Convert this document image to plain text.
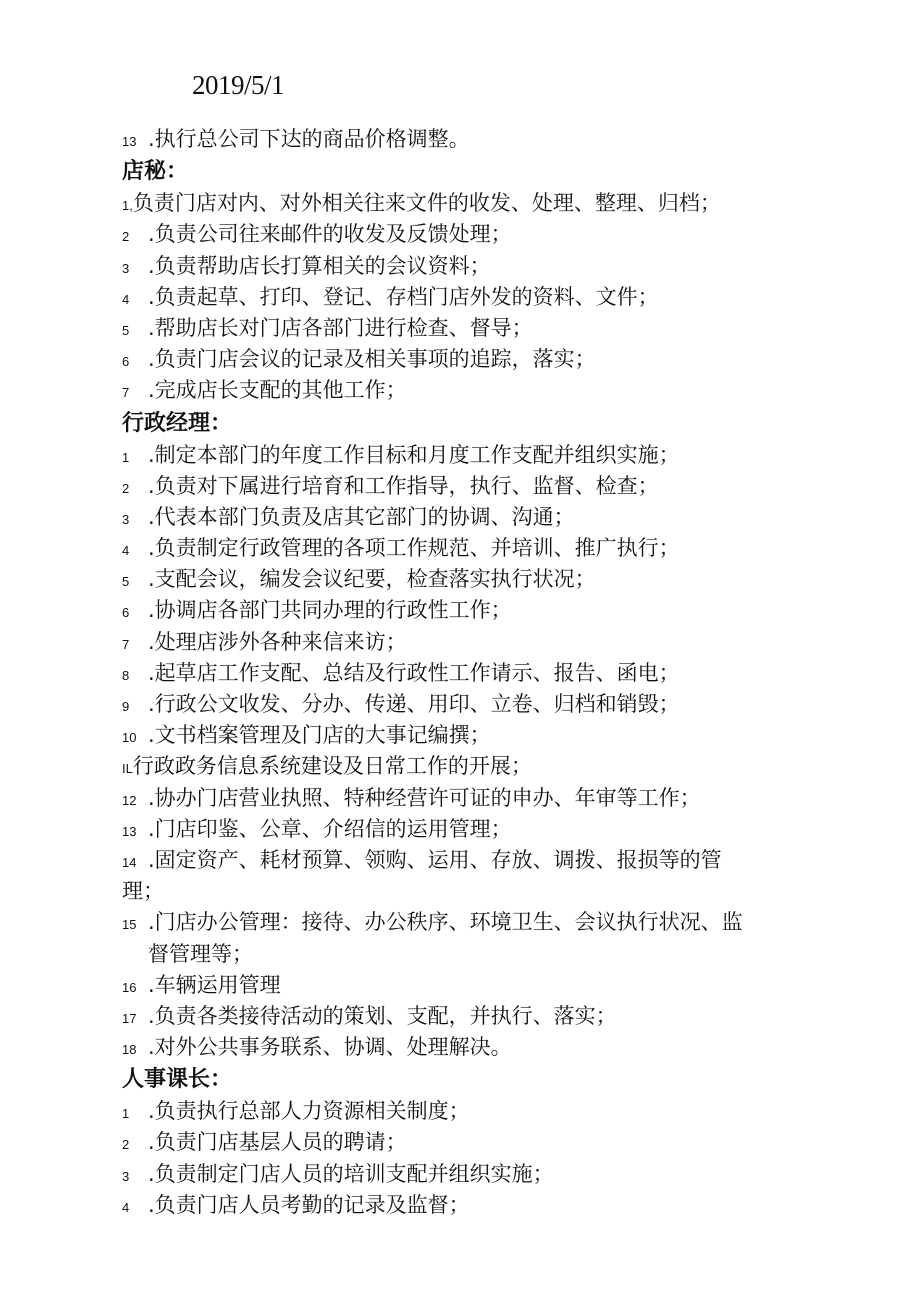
2019/5/1
13 .执行总公司下达的商品价格调整。
店秘：
1,负责门店对内、对外相关往来文件的收发、处理、整理、归档；
2 .负责公司往来邮件的收发及反馈处理；
3 .负责帮助店长打算相关的会议资料；
4 .负责起草、打印、登记、存档门店外发的资料、文件；
5 .帮助店长对门店各部门进行检查、督导；
6 .负责门店会议的记录及相关事项的追踪，落实；
7 .完成店长支配的其他工作；
行政经理：
1 .制定本部门的年度工作目标和月度工作支配并组织实施；
2 .负责对下属进行培育和工作指导，执行、监督、检查；
3 .代表本部门负责及店其它部门的协调、沟通；
4 .负责制定行政管理的各项工作规范、并培训、推广执行；
5 .支配会议，编发会议纪要，检查落实执行状况；
6 .协调店各部门共同办理的行政性工作；
7 .处理店涉外各种来信来访；
8 .起草店工作支配、总结及行政性工作请示、报告、函电；
9 .行政公文收发、分办、传递、用印、立卷、归档和销毁；
10 .文书档案管理及门店的大事记编撰；
IL行政政务信息系统建设及日常工作的开展；
12 .协办门店营业执照、特种经营许可证的申办、年审等工作；
13 .门店印鉴、公章、介绍信的运用管理；
14 .固定资产、耗材预算、领购、运用、存放、调拨、报损等的管
理；
15 .门店办公管理：接待、办公秩序、环境卫生、会议执行状况、监
督管理等；
16 .车辆运用管理
17 .负责各类接待活动的策划、支配，并执行、落实；
18 .对外公共事务联系、协调、处理解决。
人事课长：
1 .负责执行总部人力资源相关制度；
2 .负责门店基层人员的聘请；
3 .负责制定门店人员的培训支配并组织实施；
4 .负责门店人员考勤的记录及监督；
